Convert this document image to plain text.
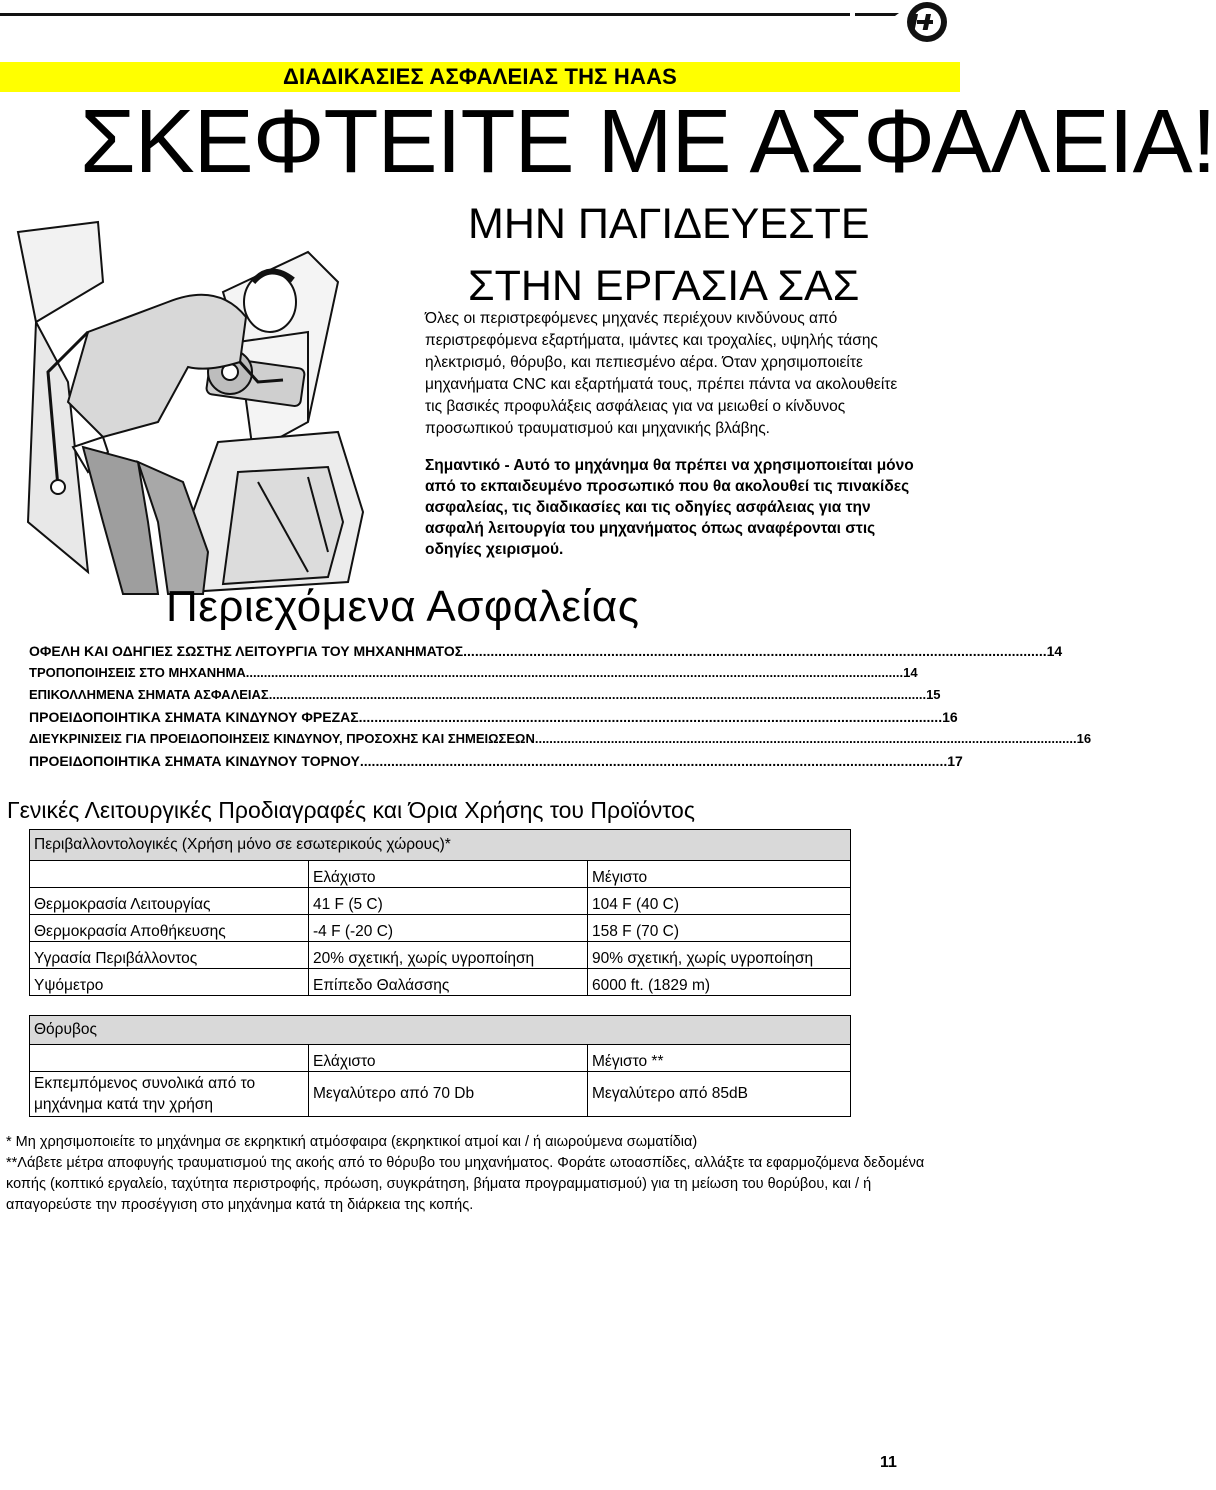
ΔΙΑΔΙΚΑΣΙΕΣ ΑΣΦΑΛΕΙΑΣ ΤΗΣ HAAS
ΣΚΕΦΤΕΙΤΕ ΜΕ ΑΣΦΑΛΕΙΑ!
ΜΗΝ ΠΑΓΙΔΕΥΕΣΤΕ
ΣΤΗΝ ΕΡΓΑΣΙΑ ΣΑΣ

Όλες οι περιστρεφόμενες μηχανές περιέχουν κινδύνους από περιστρεφόμενα εξαρτήματα, ιμάντες και τροχαλίες, υψηλής τάσης ηλεκτρισμό, θόρυβο, και πεπιεσμένο αέρα. Όταν χρησιμοποιείτε μηχανήματα CNC και εξαρτήματά τους, πρέπει πάντα να ακολουθείτε τις βασικές προφυλάξεις ασφάλειας για να μειωθεί ο κίνδυνος προσωπικού τραυματισμού και μηχανικής βλάβης.

Σημαντικό - Αυτό το μηχάνημα θα πρέπει να χρησιμοποιείται μόνο από το εκπαιδευμένο προσωπικό που θα ακολουθεί τις πινακίδες ασφαλείας, τις διαδικασίες και τις οδηγίες ασφάλειας για την ασφαλή λειτουργία του μηχανήματος όπως αναφέρονται στις οδηγίες χειρισμού.
Περιεχόμενα Ασφαλείας
ΟΦΕΛΗ ΚΑΙ ΟΔΗΓΙΕΣ ΣΩΣΤΗΣ ΛΕΙΤΟΥΡΓΙΑ ΤΟΥ ΜΗΧΑΝΗΜΑΤΟΣ ...................................................................................................................................................... 14
ΤΡΟΠΟΠΟΙΗΣΕΙΣ ΣΤΟ ΜΗΧΑΝΗΜΑ ...................................................................................................................................................................................... 14
ΕΠΙΚΟΛΛΗΜΕΝΑ ΣΗΜΑΤΑ ΑΣΦΑΛΕΙΑΣ ...................................................................................................................................................................................... 15
ΠΡΟΕΙΔΟΠΟΙΗΤΙΚΑ ΣΗΜΑΤΑ ΚΙΝΔΥΝΟΥ ΦΡΕΖΑΣ ...................................................................................................................................................... 16
ΔΙΕΥΚΡΙΝΙΣΕΙΣ ΓΙΑ ΠΡΟΕΙΔΟΠΟΙΗΣΕΙΣ ΚΙΝΔΥΝΟΥ, ΠΡΟΣΟΧΗΣ ΚΑΙ ΣΗΜΕΙΩΣΕΩΝ ...................................................................................................................................................... 16
ΠΡΟΕΙΔΟΠΟΙΗΤΙΚΑ ΣΗΜΑΤΑ ΚΙΝΔΥΝΟΥ ΤΟΡΝΟΥ ...................................................................................................................................................... .17
Γενικές Λειτουργικές Προδιαγραφές και Όρια Χρήσης του Προϊόντος
Περιβαλλοντολογικές (Χρήση μόνο σε εσωτερικούς χώρους)*		
	Ελάχιστο	Μέγιστο
Θερμοκρασία Λειτουργίας	41 F (5 C)	104 F (40 C)
Θερμοκρασία Αποθήκευσης	-4 F (-20 C)	158 F (70 C)
Υγρασία Περιβάλλοντος	20% σχετική, χωρίς υγροποίηση	90% σχετική, χωρίς υγροποίηση
Υψόμετρο	Επίπεδο Θαλάσσης	6000 ft. (1829 m)
Θόρυβος		
	Ελάχιστο	Μέγιστο **
Εκπεμπόμενος συνολικά από το μηχάνημα κατά την χρήση	Μεγαλύτερο από 70 Db	Μεγαλύτερο από 85dB

* Μη χρησιμοποιείτε το μηχάνημα σε εκρηκτική ατμόσφαιρα (εκρηκτικοί ατμοί και / ή αιωρούμενα σωματίδια)

**Λάβετε μέτρα αποφυγής τραυματισμού της ακοής από το θόρυβο του μηχανήματος. Φοράτε ωτοασπίδες, αλλάξτε τα εφαρμοζόμενα δεδομένα κοπής (κοπτικό εργαλείο, ταχύτητα περιστροφής, πρόωση, συγκράτηση, βήματα προγραμματισμού) για τη μείωση του θορύβου, και / ή απαγορεύστε την προσέγγιση στο μηχάνημα κατά τη διάρκεια της κοπής.

11
